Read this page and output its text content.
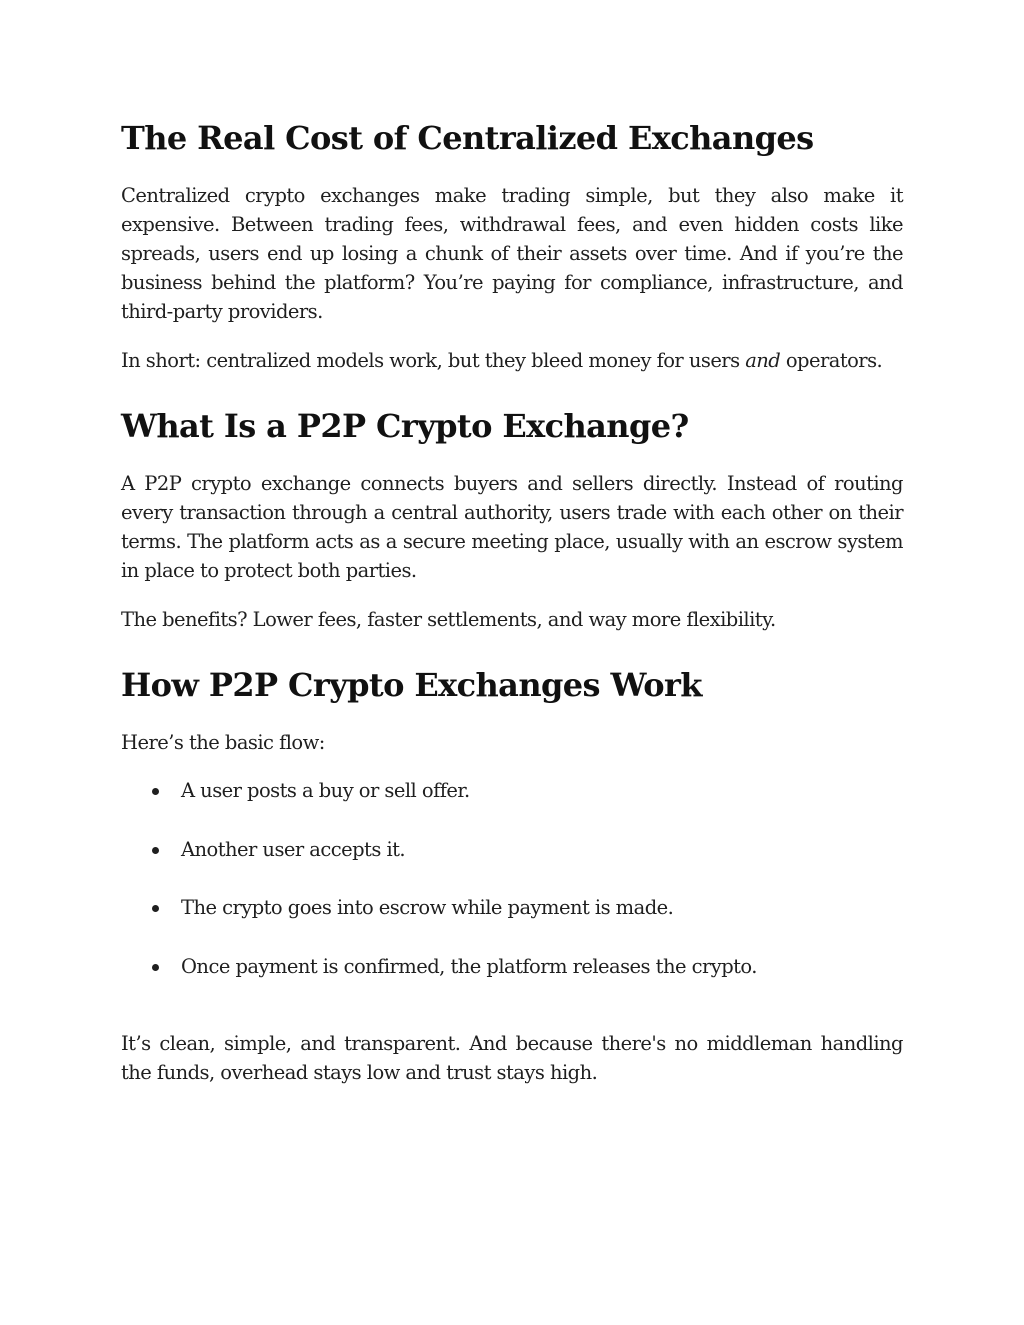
The Real Cost of Centralized Exchanges

Centralized crypto exchanges make trading simple, but they also make it expensive. Between trading fees, withdrawal fees, and even hidden costs like spreads, users end up losing a chunk of their assets over time. And if you’re the business behind the platform? You’re paying for compliance, infrastructure, and third-party providers.

In short: centralized models work, but they bleed money for users and operators.

What Is a P2P Crypto Exchange?

A P2P crypto exchange connects buyers and sellers directly. Instead of routing every transaction through a central authority, users trade with each other on their terms. The platform acts as a secure meeting place, usually with an escrow system in place to protect both parties.

The benefits? Lower fees, faster settlements, and way more flexibility.

How P2P Crypto Exchanges Work

Here’s the basic flow:

A user posts a buy or sell offer.
Another user accepts it.
The crypto goes into escrow while payment is made.
Once payment is confirmed, the platform releases the crypto.

It’s clean, simple, and transparent. And because there's no middleman handling the funds, overhead stays low and trust stays high.
